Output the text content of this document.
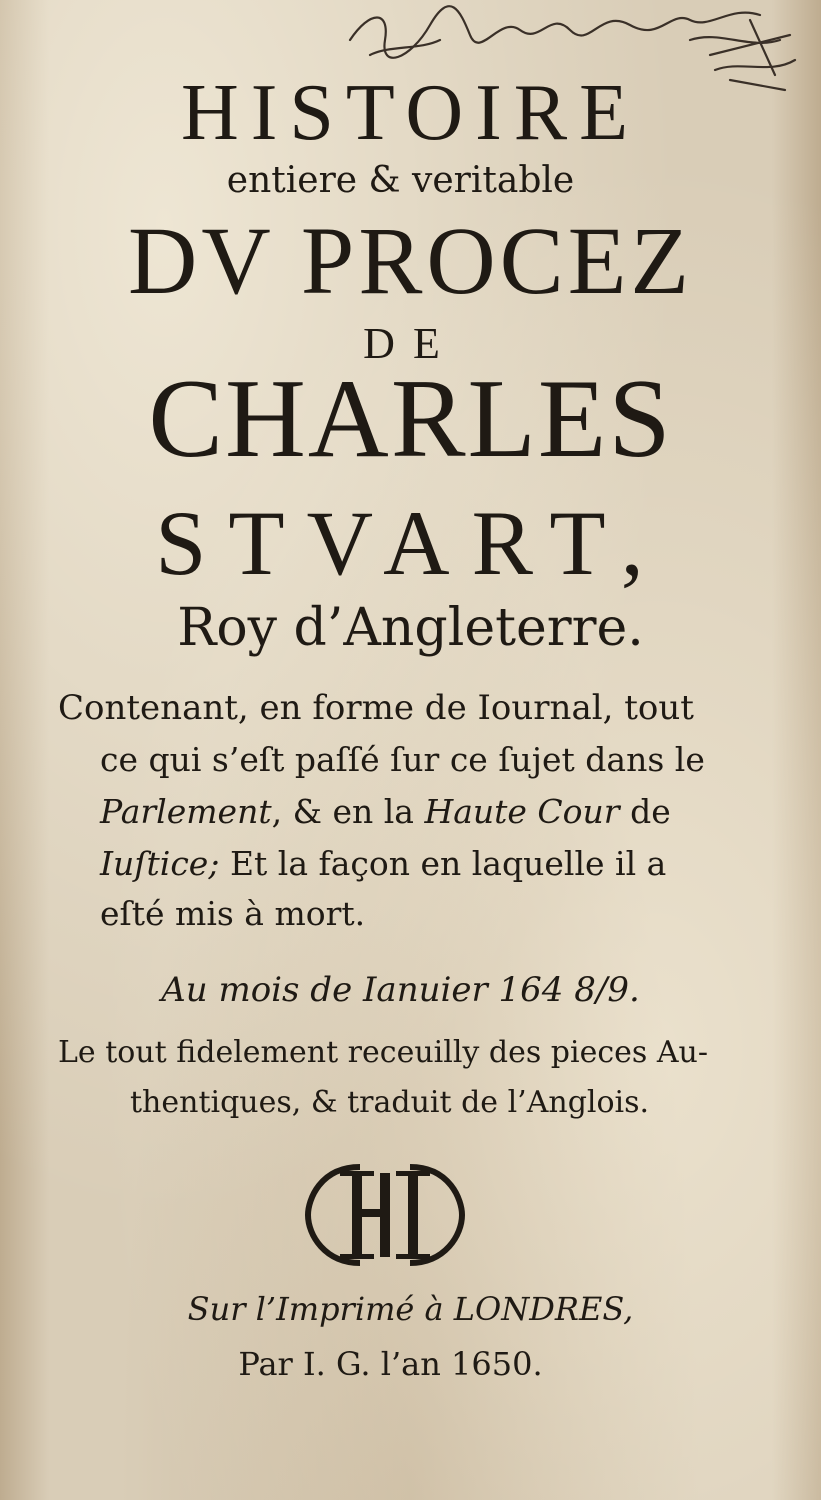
HISTOIRE
entiere & veritable
DV PROCEZ
DE
CHARLES
STVART,
Roy d’Angleterre.
Contenant, en forme de Iournal, tout
ce qui s’eſt paſſé ſur ce ſujet dans le
Parlement, & en la Haute Cour de
Iuſtice; Et la façon en laquelle il a
eſté mis à mort.
Au mois de Ianuier 164 8/9.
Le tout fidelement receuilly des pieces Au-
thentiques, & traduit de l’Anglois.
Sur l’Imprimé à LONDRES,
Par I. G. l’an 1650.
